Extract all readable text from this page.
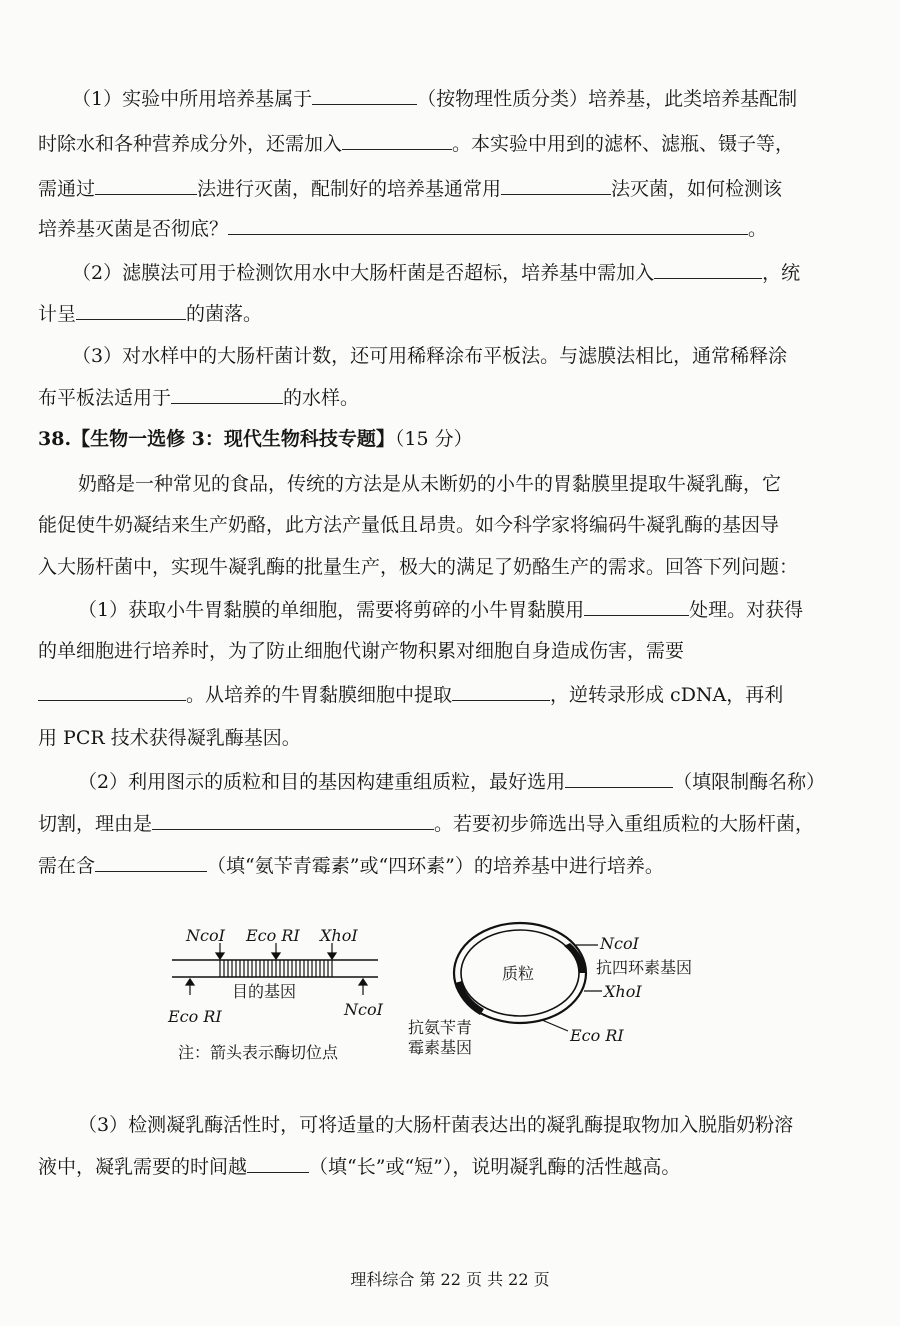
（1）实验中所用培养基属于	（按物理性质分类）培养基，此类培养基配制
时除水和各种营养成分外，还需加入	。本实验中用到的滤杯、滤瓶、镊子等，
需通过	法进行灭菌，配制好的培养基通常用	法灭菌，如何检测该
培养基灭菌是否彻底？	。
（2）滤膜法可用于检测饮用水中大肠杆菌是否超标，培养基中需加入	，统
计呈	的菌落。
（3）对水样中的大肠杆菌计数，还可用稀释涂布平板法。与滤膜法相比，通常稀释涂
布平板法适用于	的水样。
38.【生物一选修 3：现代生物科技专题】（15 分）
奶酪是一种常见的食品，传统的方法是从未断奶的小牛的胃黏膜里提取牛凝乳酶，它
能促使牛奶凝结来生产奶酪，此方法产量低且昂贵。如今科学家将编码牛凝乳酶的基因导
入大肠杆菌中，实现牛凝乳酶的批量生产，极大的满足了奶酪生产的需求。回答下列问题：
（1）获取小牛胃黏膜的单细胞，需要将剪碎的小牛胃黏膜用	处理。对获得
的单细胞进行培养时，为了防止细胞代谢产物积累对细胞自身造成伤害，需要
。从培养的牛胃黏膜细胞中提取	，逆转录形成 cDNA，再利
用 PCR 技术获得凝乳酶基因。
（2）利用图示的质粒和目的基因构建重组质粒，最好选用	（填限制酶名称）
切割，理由是	。若要初步筛选出导入重组质粒的大肠杆菌，
需在含	（填“氨苄青霉素”或“四环素”）的培养基中进行培养。
NcoⅠ Eco RⅠ XhoⅠ
目的基因
Eco RⅠ	NcoⅠ
注：箭头表示酶切位点
质粒
NcoⅠ
抗四环素基因
XhoⅠ
Eco RⅠ
抗氨苄青
霉素基因
（3）检测凝乳酶活性时，可将适量的大肠杆菌表达出的凝乳酶提取物加入脱脂奶粉溶
液中，凝乳需要的时间越	（填“长”或“短”），说明凝乳酶的活性越高。
理科综合 第 22 页 共 22 页
